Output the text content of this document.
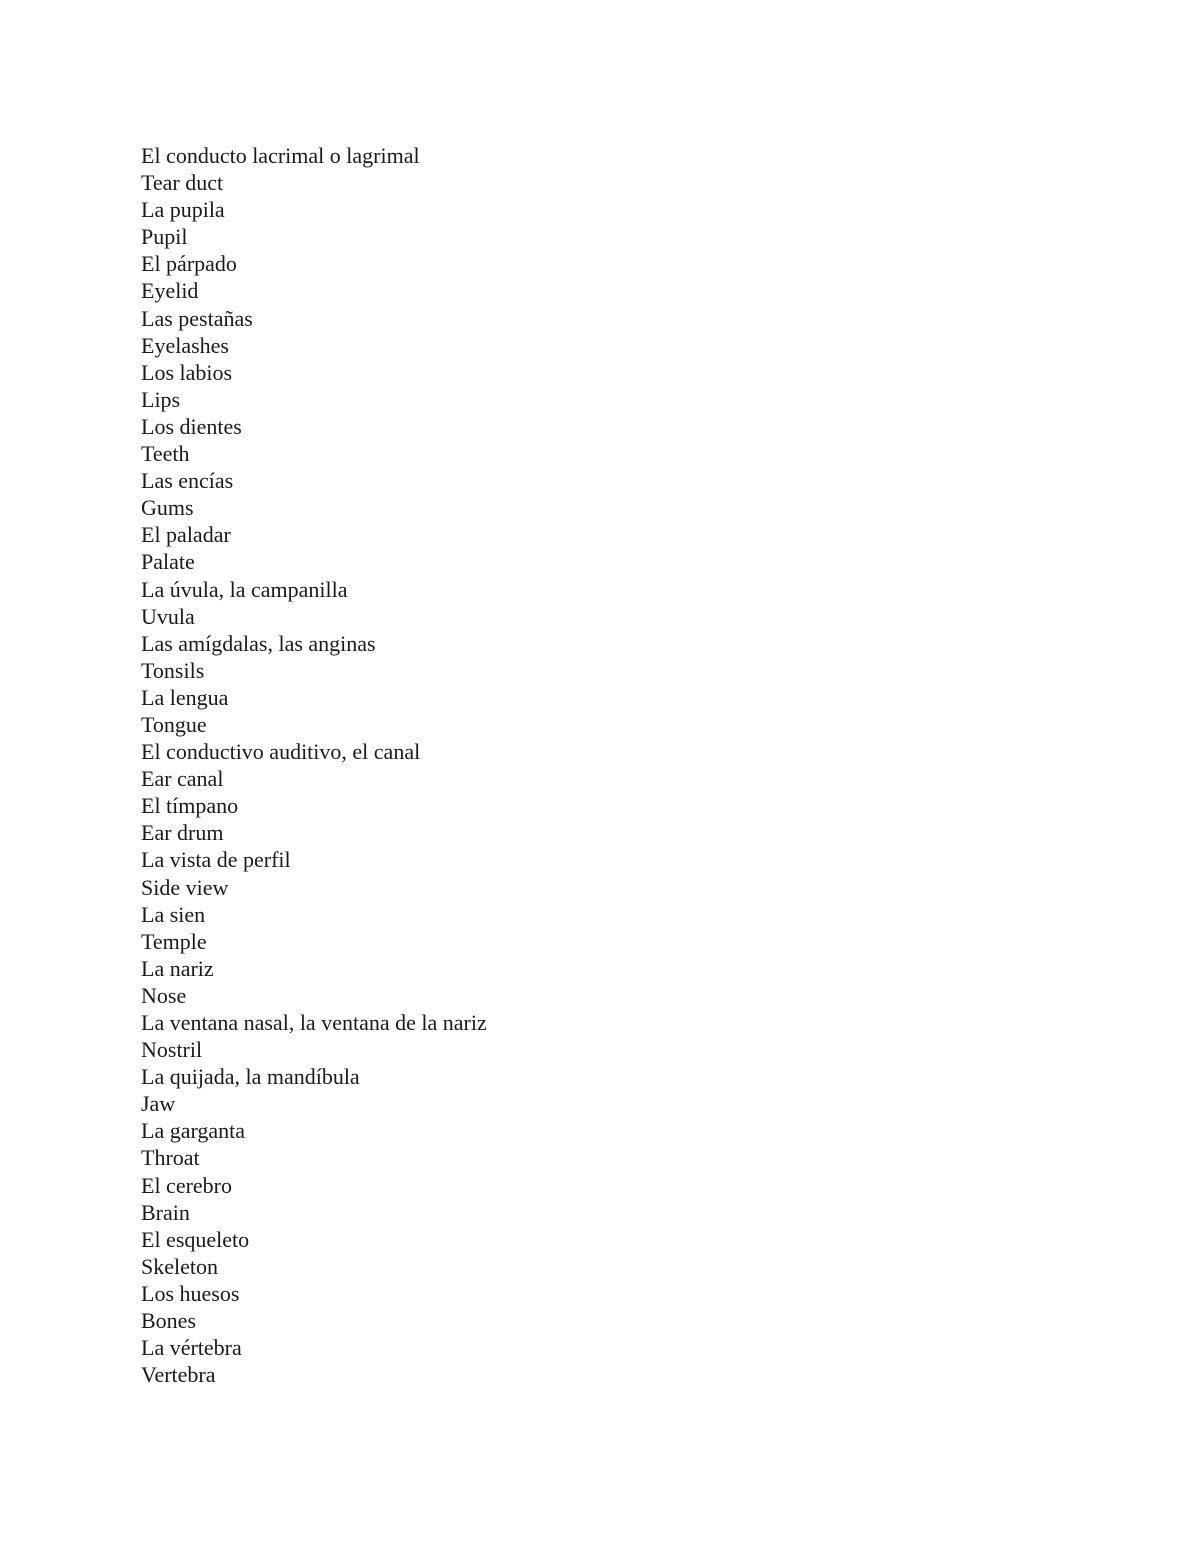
El conducto lacrimal o lagrimal
Tear duct
La pupila
Pupil
El párpado
Eyelid
Las pestañas
Eyelashes
Los labios
Lips
Los dientes
Teeth
Las encías
Gums
El paladar
Palate
La úvula, la campanilla
Uvula
Las amígdalas, las anginas
Tonsils
La lengua
Tongue
El conductivo auditivo, el canal
Ear canal
El tímpano
Ear drum
La vista de perfil
Side view
La sien
Temple
La nariz
Nose
La ventana nasal, la ventana de la nariz
Nostril
La quijada, la mandíbula
Jaw
La garganta
Throat
El cerebro
Brain
El esqueleto
Skeleton
Los huesos
Bones
La vértebra
Vertebra
